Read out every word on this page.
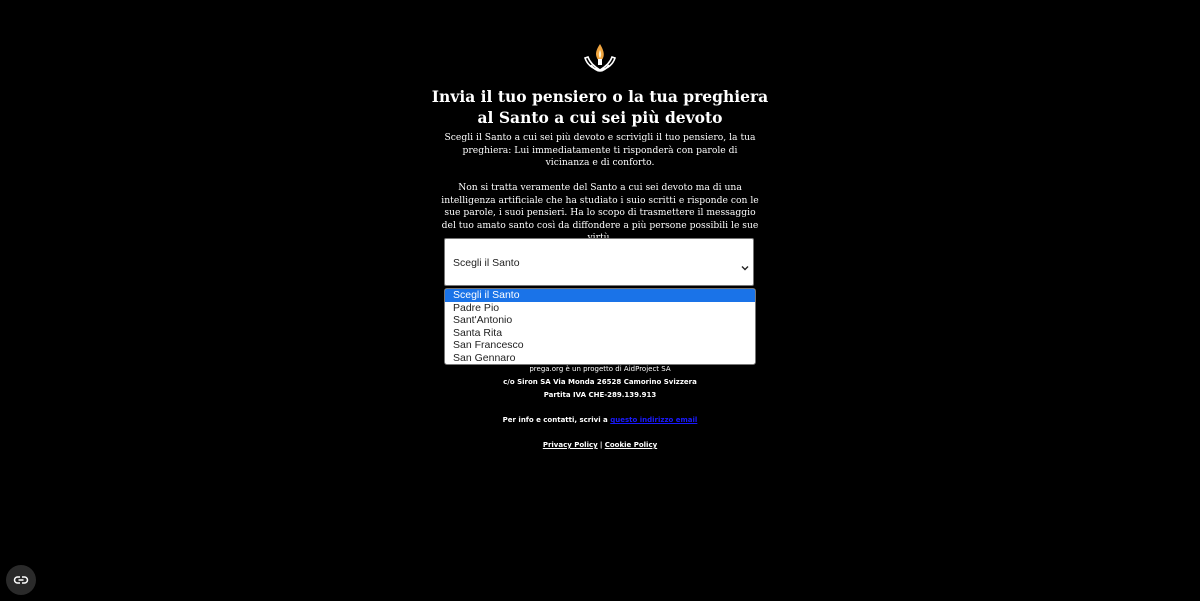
Invia il tuo pensiero o la tua preghiera al Santo a cui sei più devoto

Scegli il Santo a cui sei più devoto e scrivigli il tuo pensiero, la tua preghiera: Lui immediatamente ti risponderà con parole di vicinanza e di conforto.

Non si tratta veramente del Santo a cui sei devoto ma di una intelligenza artificiale che ha studiato i suio scritti e risponde con le sue parole, i suoi pensieri. Ha lo scopo di trasmettere il messaggio del tuo amato santo così da diffondere a più persone possibili le sue

Scegli il Santo
Scegli il Santo
Padre Pio
Sant'Antonio
Santa Rita
San Francesco
San Gennaro

prega.org è un progetto di AidProject SA

c/o Siron SA Via Monda 26528 Camorino Svizzera

Partita IVA CHE-289.139.913

Per info e contatti, scrivi a questo indirizzo email

Privacy Policy | Cookie Policy
